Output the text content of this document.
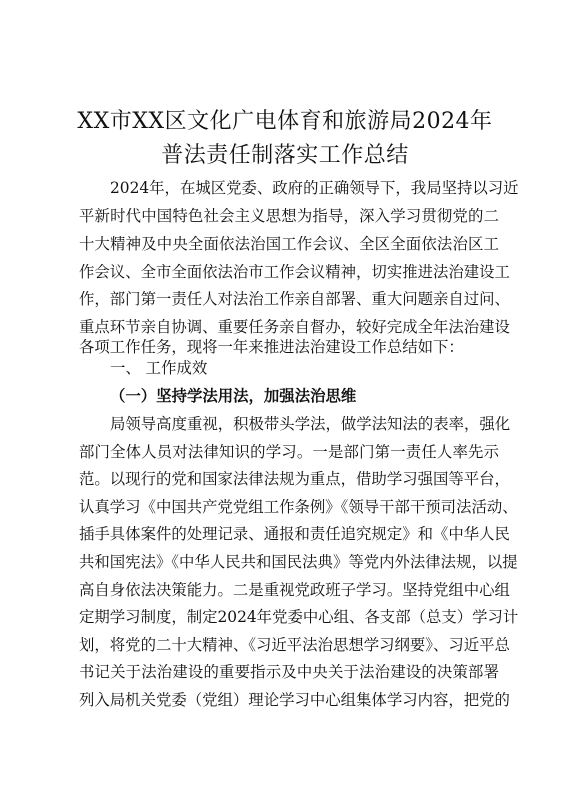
XX市XX区文化广电体育和旅游局2024年
普法责任制落实工作总结
2024年，在城区党委、政府的正确领导下，我局坚持以习近
平新时代中国特色社会主义思想为指导，深入学习贯彻党的二
十大精神及中央全面依法治国工作会议、全区全面依法治区工
作会议、全市全面依法治市工作会议精神，切实推进法治建设工
作，部门第一责任人对法治工作亲自部署、重大问题亲自过问、
重点环节亲自协调、重要任务亲自督办，较好完成全年法治建设
各项工作任务，现将一年来推进法治建设工作总结如下：
一、 工作成效
（一）坚持学法用法，加强法治思维
局领导高度重视，积极带头学法，做学法知法的表率，强化
部门全体人员对法律知识的学习。一是部门第一责任人率先示
范。以现行的党和国家法律法规为重点，借助学习强国等平台，
认真学习《中国共产党党组工作条例》《领导干部干预司法活动、
插手具体案件的处理记录、通报和责任追究规定》和《中华人民
共和国宪法》《中华人民共和国民法典》等党内外法律法规，以提
高自身依法决策能力。二是重视党政班子学习。坚持党组中心组
定期学习制度，制定2024年党委中心组、各支部（总支）学习计
划，将党的二十大精神、《习近平法治思想学习纲要》、习近平总
书记关于法治建设的重要指示及中央关于法治建设的决策部署
列入局机关党委（党组）理论学习中心组集体学习内容，把党的
